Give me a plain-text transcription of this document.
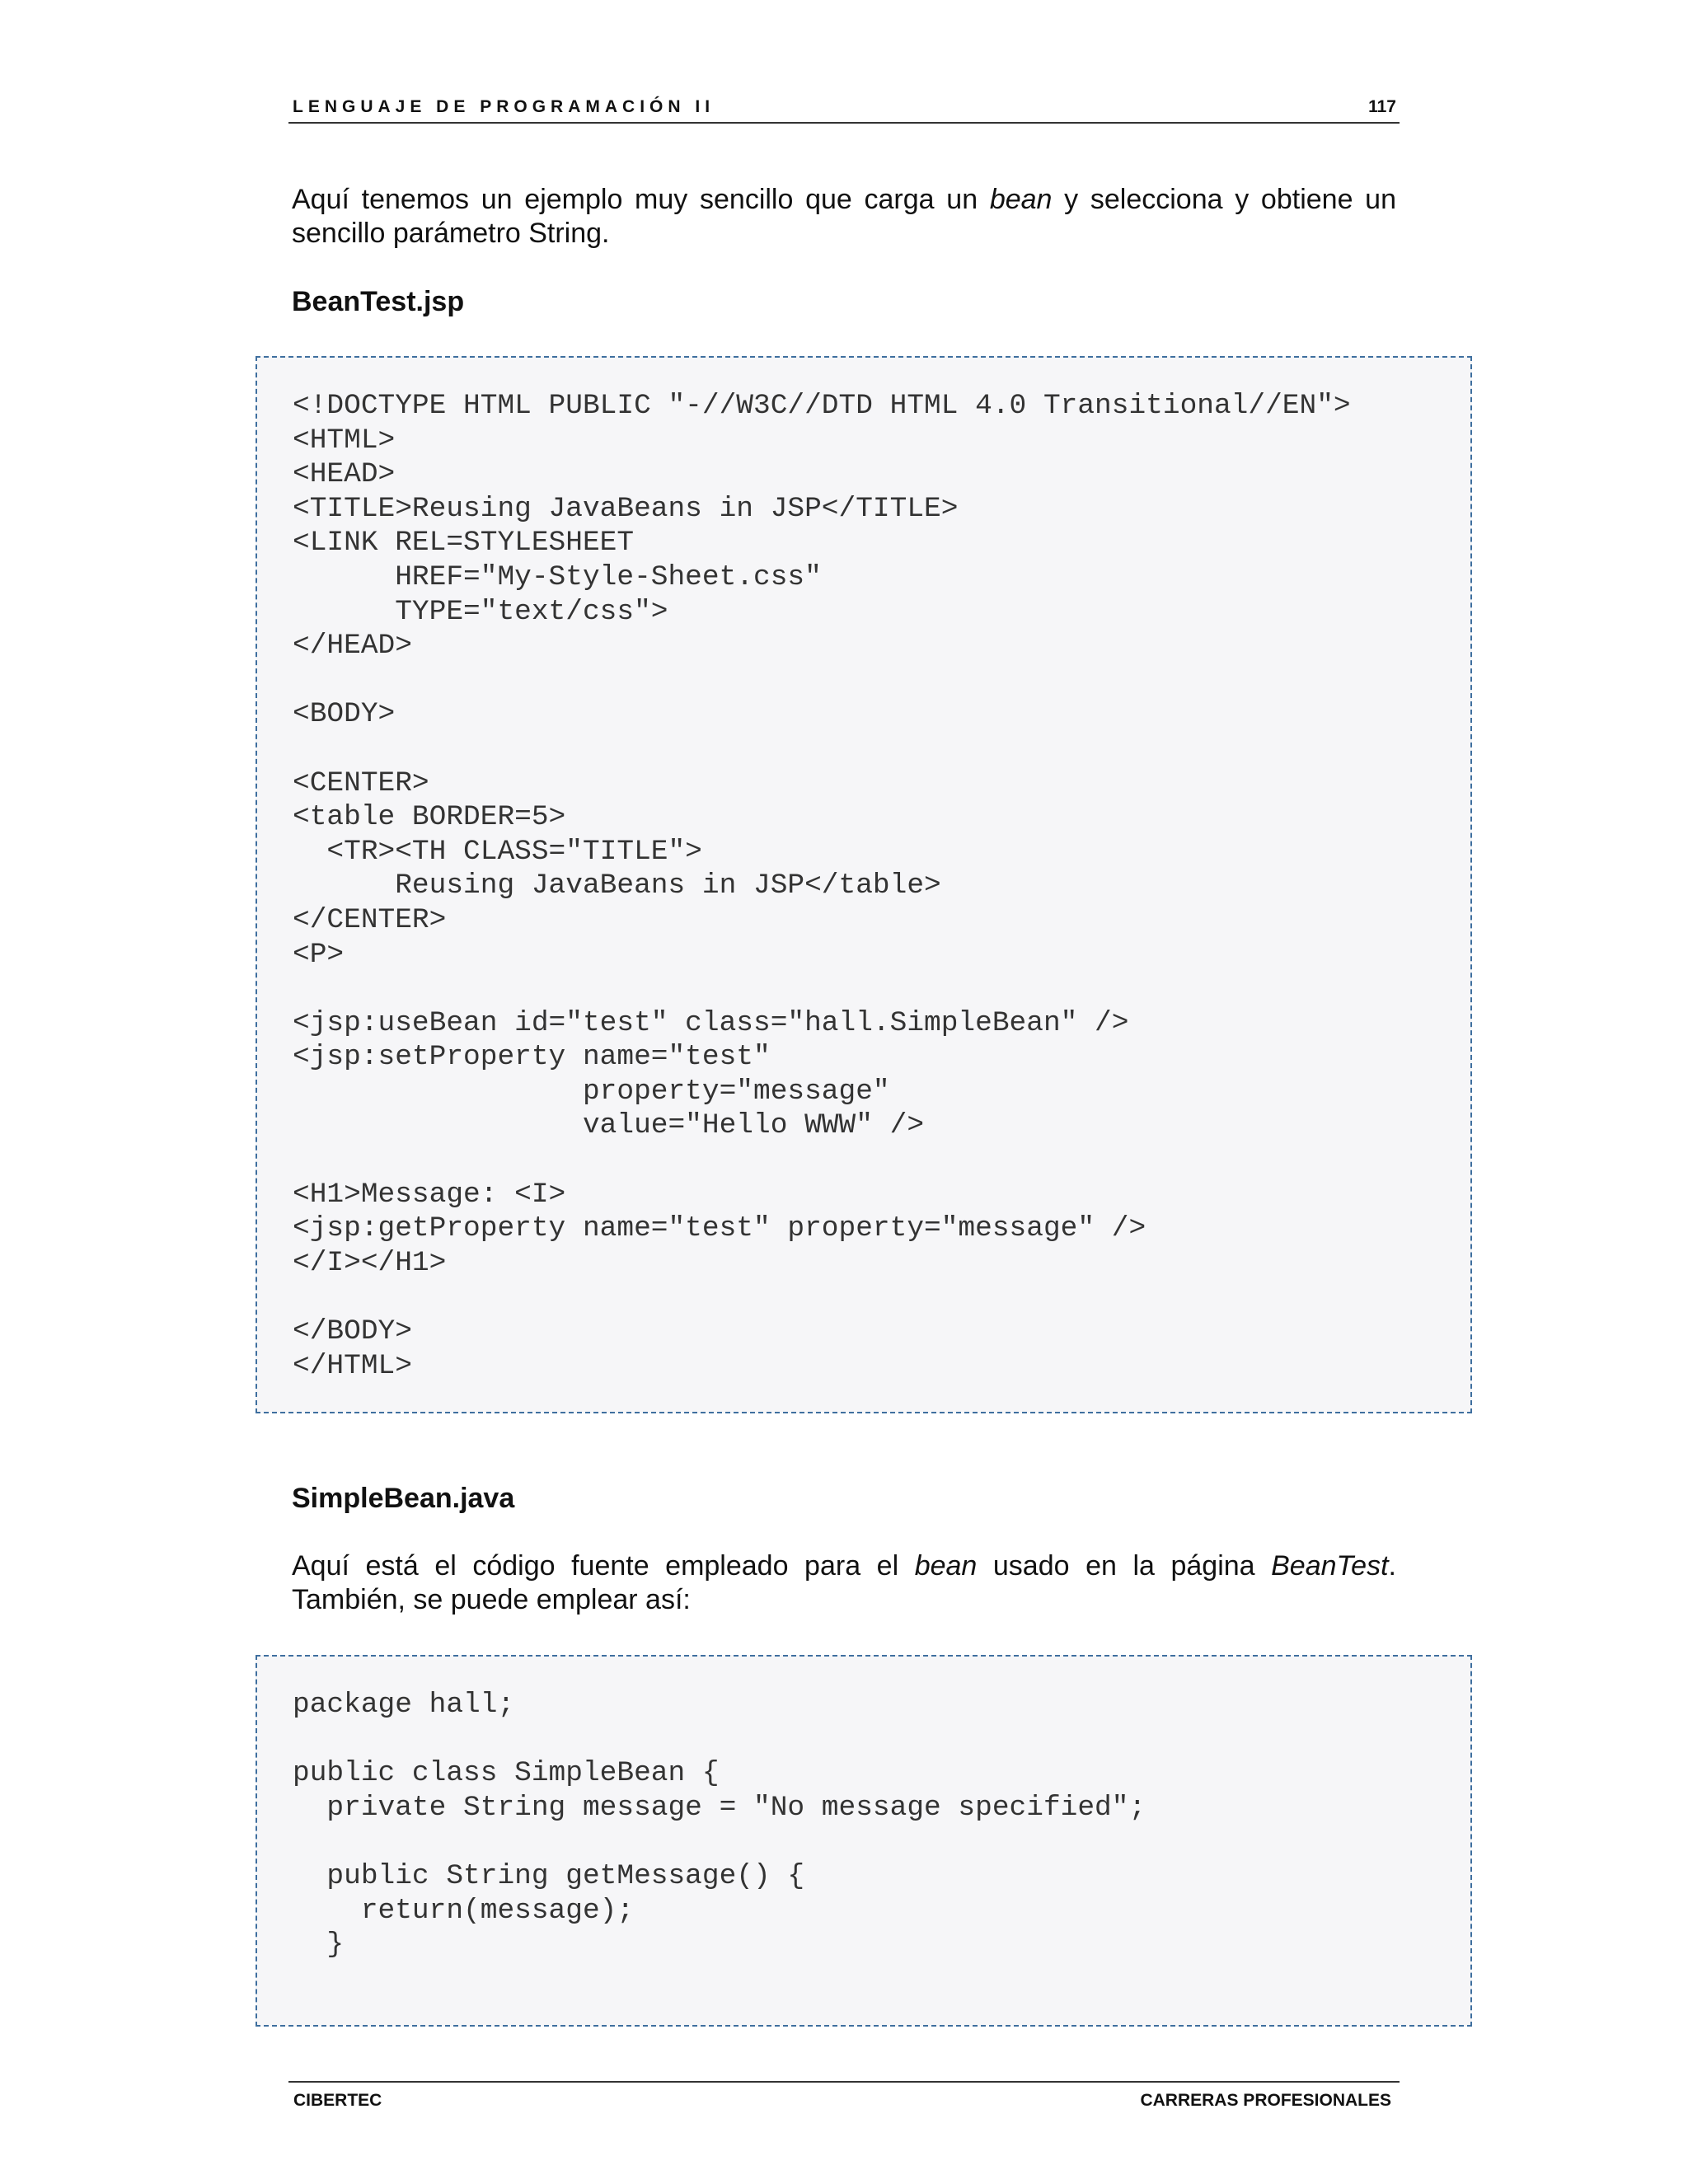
LENGUAJE DE PROGRAMACIÓN II	117

Aquí tenemos un ejemplo muy sencillo que carga un bean y selecciona y obtiene un sencillo parámetro String.

BeanTest.jsp
<!DOCTYPE HTML PUBLIC "-//W3C//DTD HTML 4.0 Transitional//EN">
<HTML>
<HEAD>
<TITLE>Reusing JavaBeans in JSP</TITLE>
<LINK REL=STYLESHEET
HREF="My-Style-Sheet.css"
TYPE="text/css">
</HEAD>

<BODY>

<CENTER>
<table BORDER=5>
<TR><TH CLASS="TITLE">
Reusing JavaBeans in JSP</table>
</CENTER>
<P>

<jsp:useBean id="test" class="hall.SimpleBean" />
<jsp:setProperty name="test"
property="message"
value="Hello WWW" />

<H1>Message: <I>
<jsp:getProperty name="test" property="message" />
</I></H1>

</BODY>
</HTML>
SimpleBean.java

Aquí está el código fuente empleado para el bean usado en la página BeanTest. También, se puede emplear así:

package hall;

public class SimpleBean {
private String message = "No message specified";

public String getMessage() {
return(message);
}
CIBERTEC	CARRERAS PROFESIONALES
